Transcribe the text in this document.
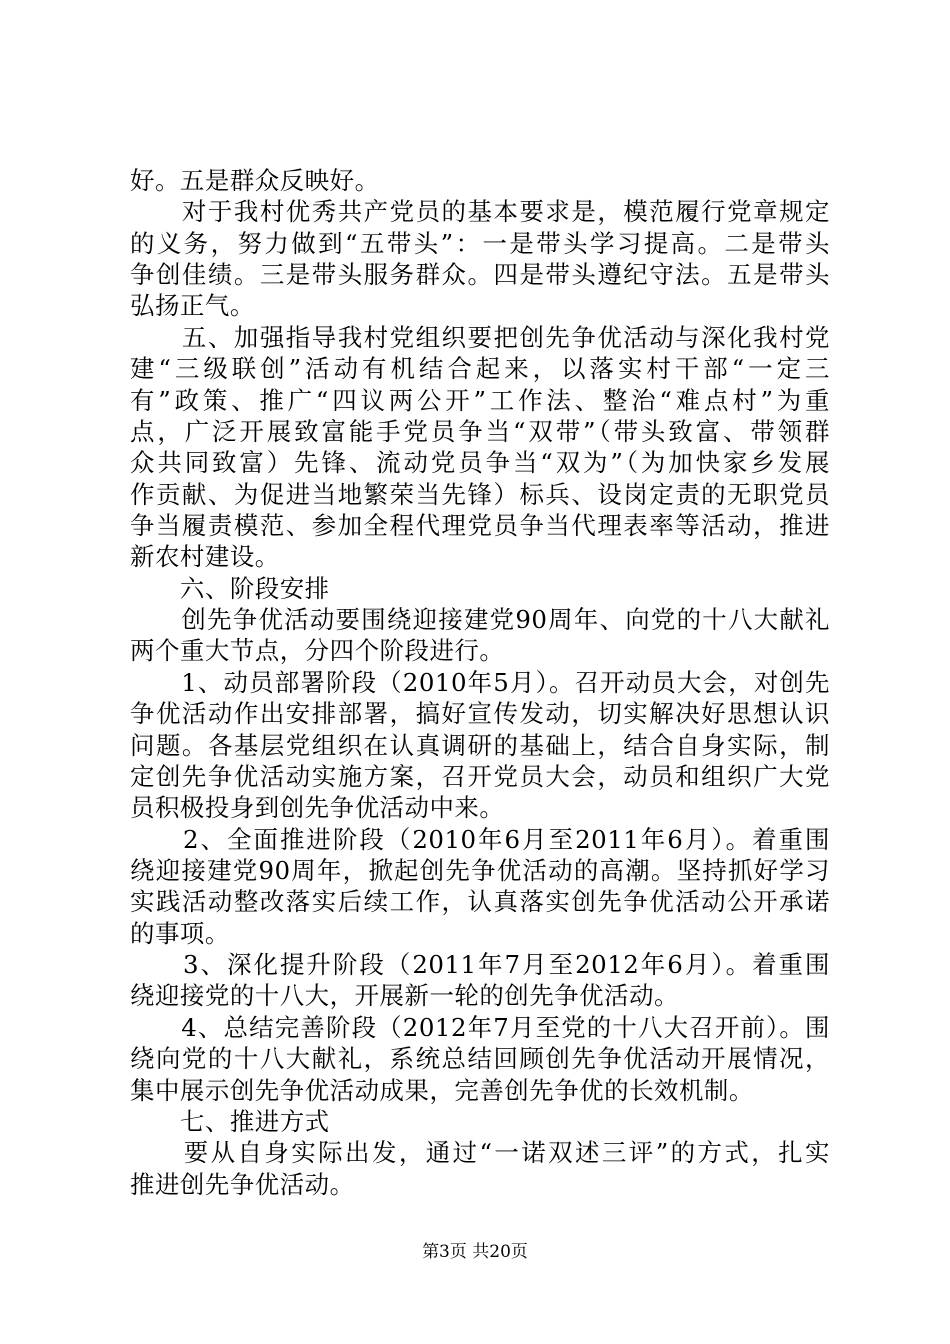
好。五是群众反映好。
　　对于我村优秀共产党员的基本要求是，模范履行党章规定
的义务，努力做到“五带头”：一是带头学习提高。二是带头
争创佳绩。三是带头服务群众。四是带头遵纪守法。五是带头
弘扬正气。
　　五、加强指导我村党组织要把创先争优活动与深化我村党
建“三级联创”活动有机结合起来，以落实村干部“一定三
有”政策、推广“四议两公开”工作法、整治“难点村”为重
点，广泛开展致富能手党员争当“双带”（带头致富、带领群
众共同致富）先锋、流动党员争当“双为”（为加快家乡发展
作贡献、为促进当地繁荣当先锋）标兵、设岗定责的无职党员
争当履责模范、参加全程代理党员争当代理表率等活动，推进
新农村建设。
　　六、阶段安排
　　创先争优活动要围绕迎接建党90周年、向党的十八大献礼
两个重大节点，分四个阶段进行。
　　1、动员部署阶段（2010年5月）。召开动员大会，对创先
争优活动作出安排部署，搞好宣传发动，切实解决好思想认识
问题。各基层党组织在认真调研的基础上，结合自身实际，制
定创先争优活动实施方案，召开党员大会，动员和组织广大党
员积极投身到创先争优活动中来。
　　2、全面推进阶段（2010年6月至2011年6月）。着重围
绕迎接建党90周年，掀起创先争优活动的高潮。坚持抓好学习
实践活动整改落实后续工作，认真落实创先争优活动公开承诺
的事项。
　　3、深化提升阶段（2011年7月至2012年6月）。着重围
绕迎接党的十八大，开展新一轮的创先争优活动。
　　4、总结完善阶段（2012年7月至党的十八大召开前）。围
绕向党的十八大献礼，系统总结回顾创先争优活动开展情况，
集中展示创先争优活动成果，完善创先争优的长效机制。
　　七、推进方式
　　要从自身实际出发，通过“一诺双述三评”的方式，扎实
推进创先争优活动。
第3页 共20页
